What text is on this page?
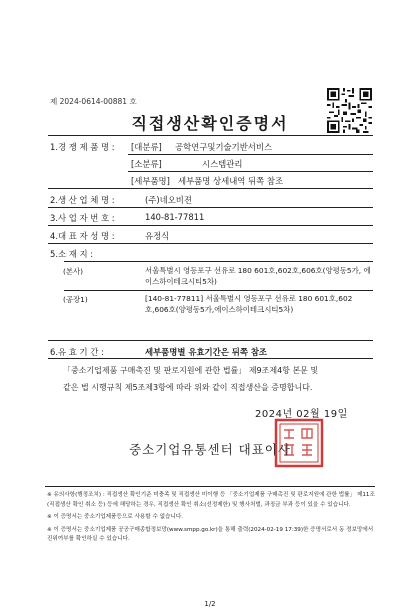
제 2024-0614-00881 호
직접생산확인증명서
1.경 쟁 제 품 명 : [대분류] 공학연구및기술기반서비스
[소분류]	시스템관리
[세부품명] 세부품명 상세내역 뒤쪽 참조
2.생 산 업 체 명 :	(주)네오비젼
3.사 업 자 번 호 :	140-81-77811
4.대 표 자 성 명 :	유정식
5.소 재 지 :
(본사)	서울특별시 영등포구 선유로 180 601호,602호,606호(양평동5가, 에이스하이테크시티5차)
(공장1)	[140-81-77811] 서울특별시 영등포구 선유로 180 601호,602호,606호(양평동5가,에이스하이테크시티5차)
6.유 효 기 간 :	세부품명별 유효기간은 뒤쪽 참조
「중소기업제품 구매촉진 및 판로지원에 관한 법률」 제9조제4항 본문 및
같은 법 시행규칙 제5조제3항에 따라 위와 같이 직접생산을 증명합니다.
2024년 02월 19일
중소기업유통센터 대표이사

※ 유의사항(행정조치) : 직접생산 확인기준 미충족 및 직접생산 미이행 등 「중소기업제품 구매촉진 및 판로지원에 관한 법률」 제11조(직접생산 확인 취소 등) 등에 해당하는 경우, 직접생산 확인 취소(선정제한) 및 행사처벌, 과징금 부과 등이 있을 수 있습니다.

※ 이 증명서는 중소기업제품등으로 사용할 수 없습니다.

※ 이 증명서는 중소기업제품 공공구매종합정보망(www.smpp.go.kr)을 통해 출력(2024-02-19 17:39)한 증명서로서 동 정보망에서 진위여부를 확인하실 수 있습니다.

1/2
